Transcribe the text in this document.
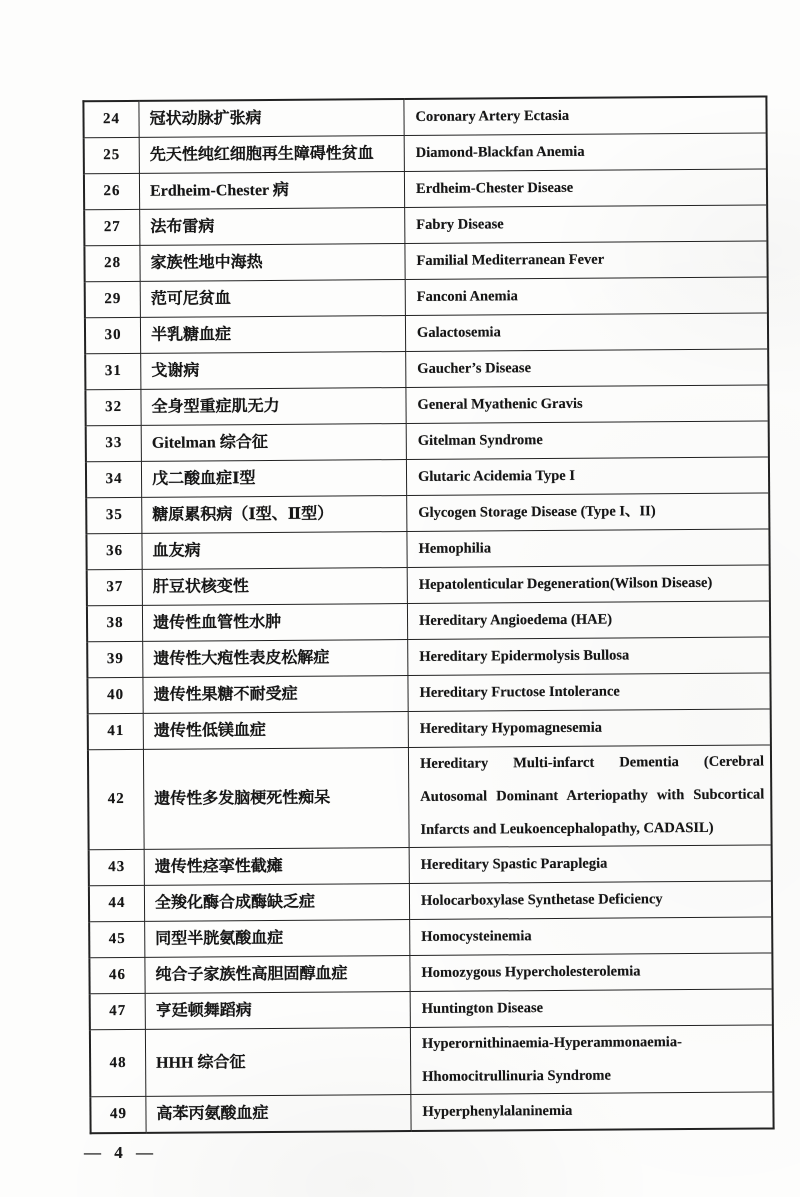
24	冠状动脉扩张病	Coronary Artery Ectasia
25	先天性纯红细胞再生障碍性贫血	Diamond-Blackfan Anemia
26	Erdheim-Chester 病	Erdheim-Chester Disease
27	法布雷病	Fabry Disease
28	家族性地中海热	Familial Mediterranean Fever
29	范可尼贫血	Fanconi Anemia
30	半乳糖血症	Galactosemia
31	戈谢病	Gaucher’s Disease
32	全身型重症肌无力	General Myathenic Gravis
33	Gitelman 综合征	Gitelman Syndrome
34	戊二酸血症Ⅰ型	Glutaric Acidemia Type I
35	糖原累积病（Ⅰ型、Ⅱ型）	Glycogen Storage Disease (Type I、II)
36	血友病	Hemophilia
37	肝豆状核变性	Hepatolenticular Degeneration(Wilson Disease)
38	遗传性血管性水肿	Hereditary Angioedema (HAE)
39	遗传性大疱性表皮松解症	Hereditary Epidermolysis Bullosa
40	遗传性果糖不耐受症	Hereditary Fructose Intolerance
41	遗传性低镁血症	Hereditary Hypomagnesemia
42	遗传性多发脑梗死性痴呆	Hereditary Multi-infarct Dementia (Cerebral Autosomal Dominant Arteriopathy with Subcortical Infarcts and Leukoencephalopathy, CADASIL)
43	遗传性痉挛性截瘫	Hereditary Spastic Paraplegia
44	全羧化酶合成酶缺乏症	Holocarboxylase Synthetase Deficiency
45	同型半胱氨酸血症	Homocysteinemia
46	纯合子家族性高胆固醇血症	Homozygous Hypercholesterolemia
47	亨廷顿舞蹈病	Huntington Disease
48	HHH 综合征	Hyperornithinaemia-Hyperammonaemia-Hhomocitrullinuria Syndrome
49	高苯丙氨酸血症	Hyperphenylalaninemia
— 4 —
